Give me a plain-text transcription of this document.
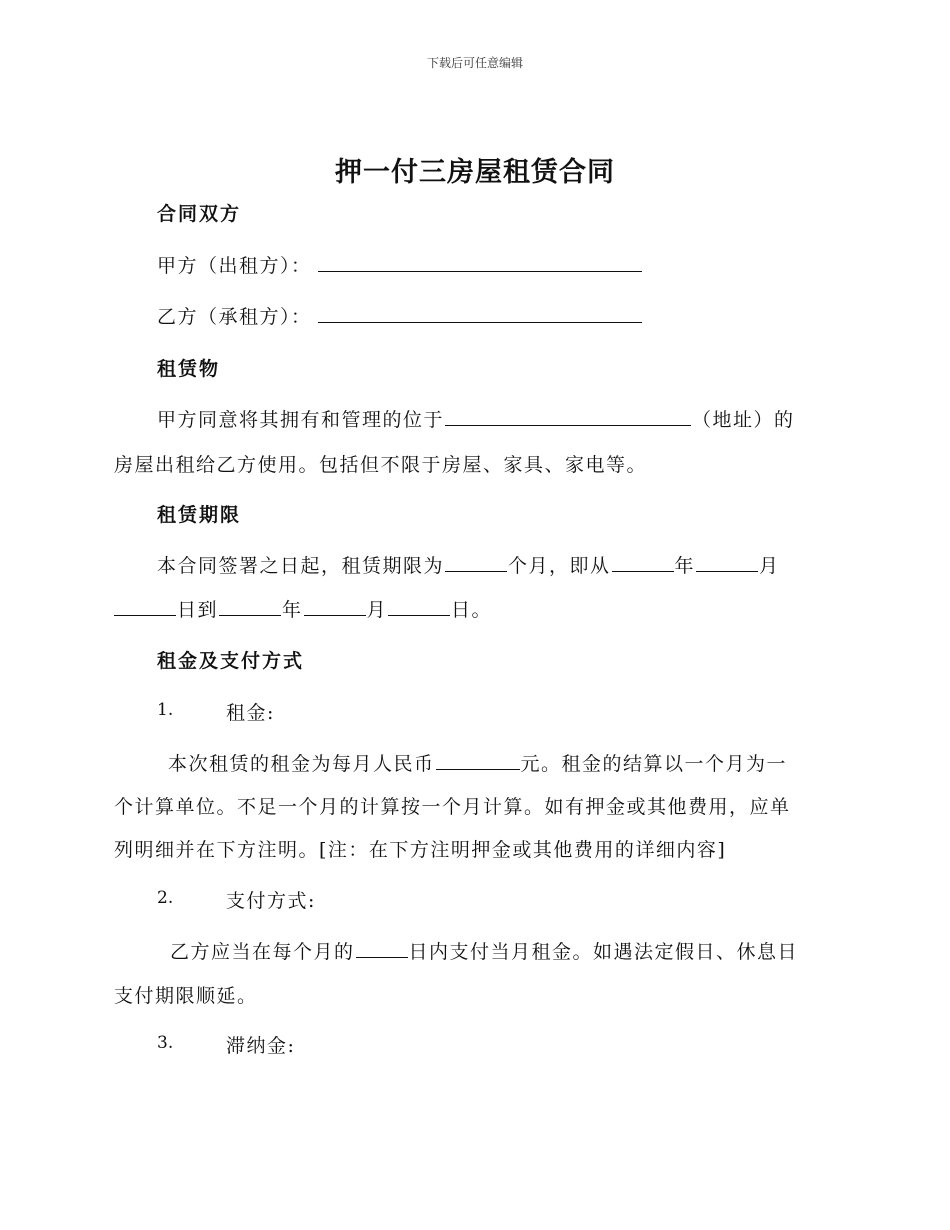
下载后可任意编辑
押一付三房屋租赁合同
合同双方
甲方（出租方）：
乙方（承租方）：
租赁物
甲方同意将其拥有和管理的位于	（地址）的
房屋出租给乙方使用。包括但不限于房屋、家具、家电等。
租赁期限
本合同签署之日起，租赁期限为	个月，即从	年	月
日到	年	月	日。
租金及支付方式
1.	租金:
本次租赁的租金为每月人民币	元。租金的结算以一个月为一
个计算单位。不足一个月的计算按一个月计算。如有押金或其他费用，应单
列明细并在下方注明。[注：在下方注明押金或其他费用的详细内容]
2.	支付方式:
乙方应当在每个月的	日内支付当月租金。如遇法定假日、休息日
支付期限顺延。
3.	滞纳金:
